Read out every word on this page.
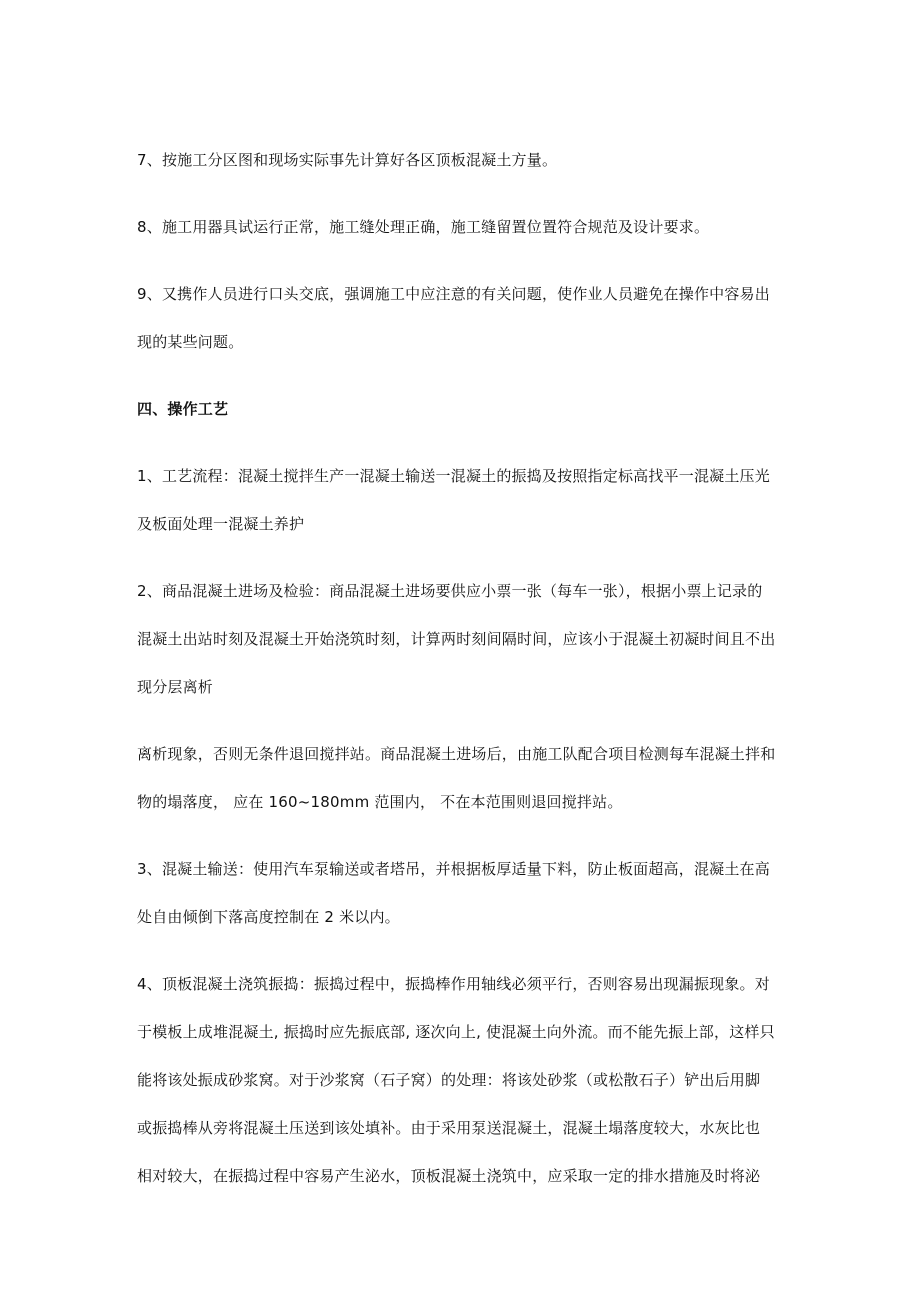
7、按施工分区图和现场实际事先计算好各区顶板混凝土方量。
8、施工用器具试运行正常，施工缝处理正确，施工缝留置位置符合规范及设计要求。
9、又携作人员进行口头交底，强调施工中应注意的有关问题，使作业人员避免在操作中容易出
现的某些问题。
四、操作工艺
1、工艺流程：混凝土搅拌生产一混凝土输送一混凝土的振捣及按照指定标高找平一混凝土压光
及板面处理一混凝土养护
2、商品混凝土进场及检验：商品混凝土进场要供应小票一张（每车一张），根据小票上记录的
混凝土出站时刻及混凝土开始浇筑时刻，计算两时刻间隔时间，应该小于混凝土初凝时间且不出
现分层离析
离析现象，否则无条件退回搅拌站。商品混凝土进场后，由施工队配合项目检测每车混凝土拌和
物的塌落度， 应在 160~180mm 范围内， 不在本范围则退回搅拌站。
3、混凝土输送：使用汽车泵输送或者塔吊，并根据板厚适量下料，防止板面超高，混凝土在高
处自由倾倒下落高度控制在 2 米以内。
4、顶板混凝土浇筑振捣：振捣过程中，振捣棒作用轴线必须平行，否则容易出现漏振现象。对
于模板上成堆混凝土, 振捣时应先振底部, 逐次向上, 使混凝土向外流。而不能先振上部，这样只
能将该处振成砂浆窝。对于沙浆窝（石子窝）的处理：将该处砂浆（或松散石子）铲出后用脚
或振捣棒从旁将混凝土压送到该处填补。由于采用泵送混凝土，混凝土塌落度较大，水灰比也
相对较大，在振捣过程中容易产生泌水，顶板混凝土浇筑中，应采取一定的排水措施及时将泌
